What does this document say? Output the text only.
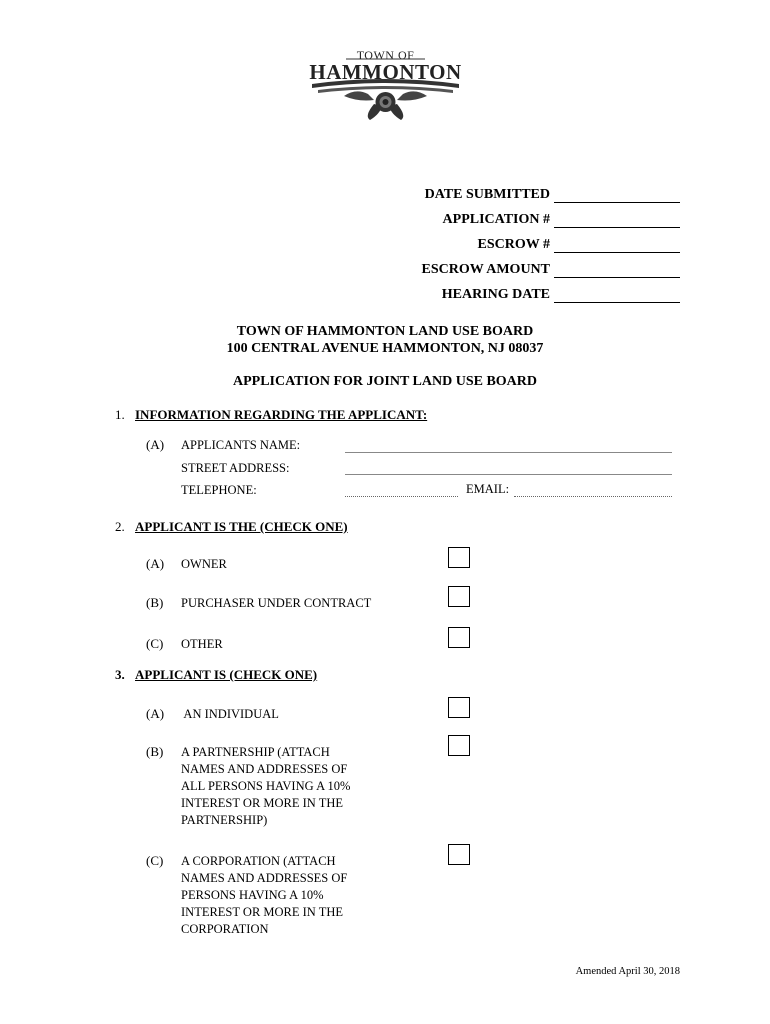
TOWN OF
HAMMONTON
DATE SUBMITTED
APPLICATION #
ESCROW #
ESCROW AMOUNT
HEARING DATE
TOWN OF HAMMONTON LAND USE BOARD
100 CENTRAL AVENUE HAMMONTON, NJ 08037
APPLICATION FOR JOINT LAND USE BOARD
1. INFORMATION REGARDING THE APPLICANT:
(A) APPLICANTS NAME:
STREET ADDRESS:
TELEPHONE:	EMAIL:
2. APPLICANT IS THE (CHECK ONE)
(A) OWNER
(B) PURCHASER UNDER CONTRACT
(C) OTHER
3. APPLICANT IS (CHECK ONE)
(A) AN INDIVIDUAL
(B) A PARTNERSHIP (ATTACH
NAMES AND ADDRESSES OF
ALL PERSONS HAVING A 10%
INTEREST OR MORE IN THE
PARTNERSHIP)
(C) A CORPORATION (ATTACH
NAMES AND ADDRESSES OF
PERSONS HAVING A 10%
INTEREST OR MORE IN THE
CORPORATION
Amended April 30, 2018
